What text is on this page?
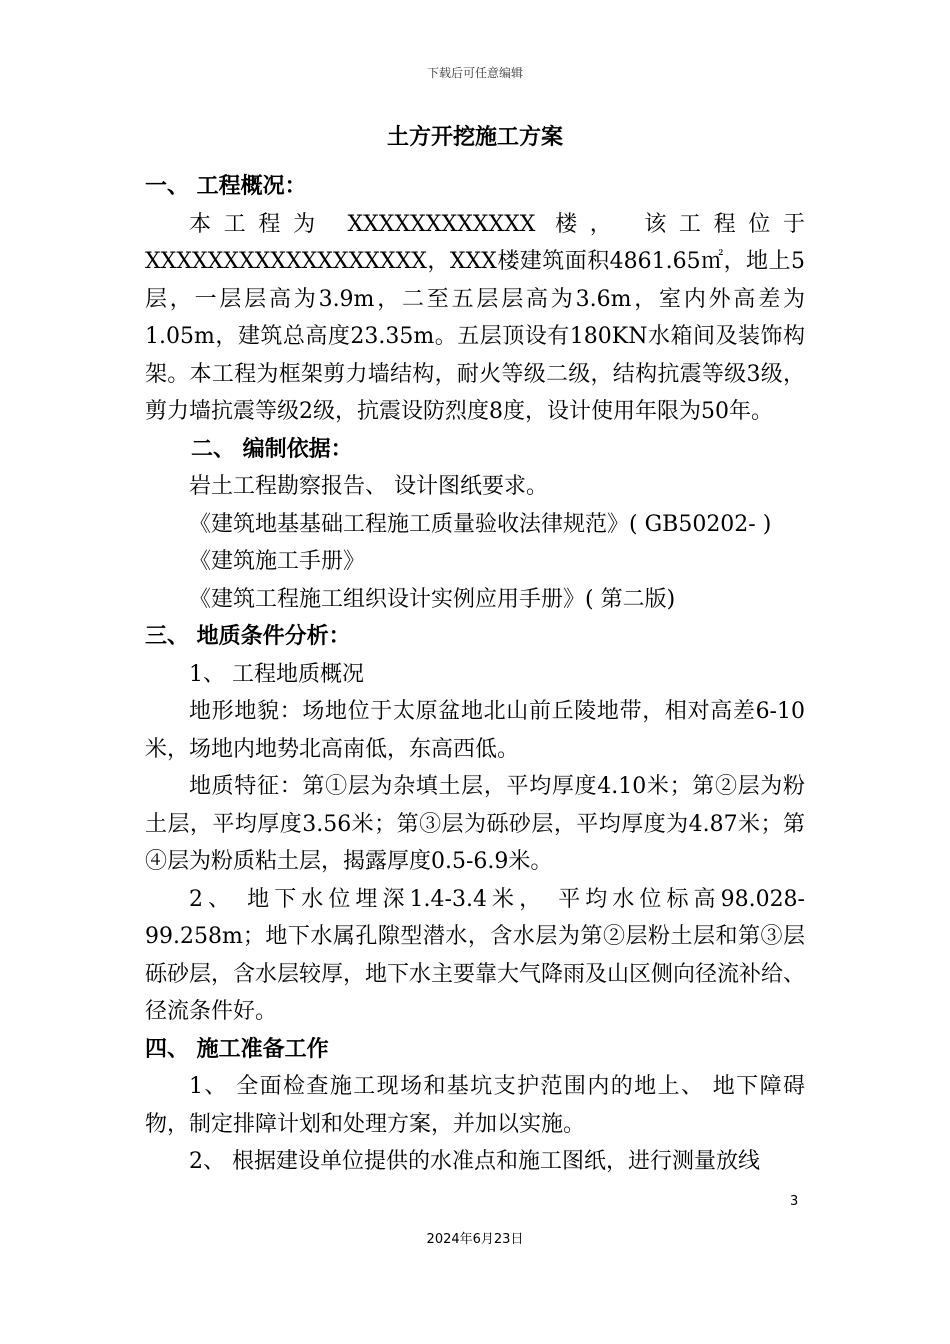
下载后可任意编辑
土方开挖施工方案

一、 工程概况：

本工程为 XXXXXXXXXXXX 楼， 该工程位于XXXXXXXXXXXXXXXXXX，XXX楼建筑面积4861.65㎡，地上5层，一层层高为3.9m，二至五层层高为3.6m，室内外高差为1.05m，建筑总高度23.35m。五层顶设有180KN水箱间及装饰构架。本工程为框架剪力墙结构，耐火等级二级，结构抗震等级3级，剪力墙抗震等级2级，抗震设防烈度8度，设计使用年限为50年。

二、 编制依据：

岩土工程勘察报告、 设计图纸要求。

《建筑地基基础工程施工质量验收法律规范》( GB50202- )

《建筑施工手册》

《建筑工程施工组织设计实例应用手册》( 第二版)

三、 地质条件分析：

1、 工程地质概况

地形地貌：场地位于太原盆地北山前丘陵地带，相对高差6-10米，场地内地势北高南低，东高西低。

地质特征：第①层为杂填土层，平均厚度4.10米；第②层为粉土层，平均厚度3.56米；第③层为砾砂层，平均厚度为4.87米；第④层为粉质粘土层，揭露厚度0.5-6.9米。

2、 地下水位埋深1.4-3.4米， 平均水位标高98.028-99.258m；地下水属孔隙型潜水，含水层为第②层粉土层和第③层砾砂层，含水层较厚，地下水主要靠大气降雨及山区侧向径流补给、 径流条件好。

四、 施工准备工作

1、 全面检查施工现场和基坑支护范围内的地上、 地下障碍物，制定排障计划和处理方案，并加以实施。

2、 根据建设单位提供的水准点和施工图纸，进行测量放线

3
2024年6月23日
